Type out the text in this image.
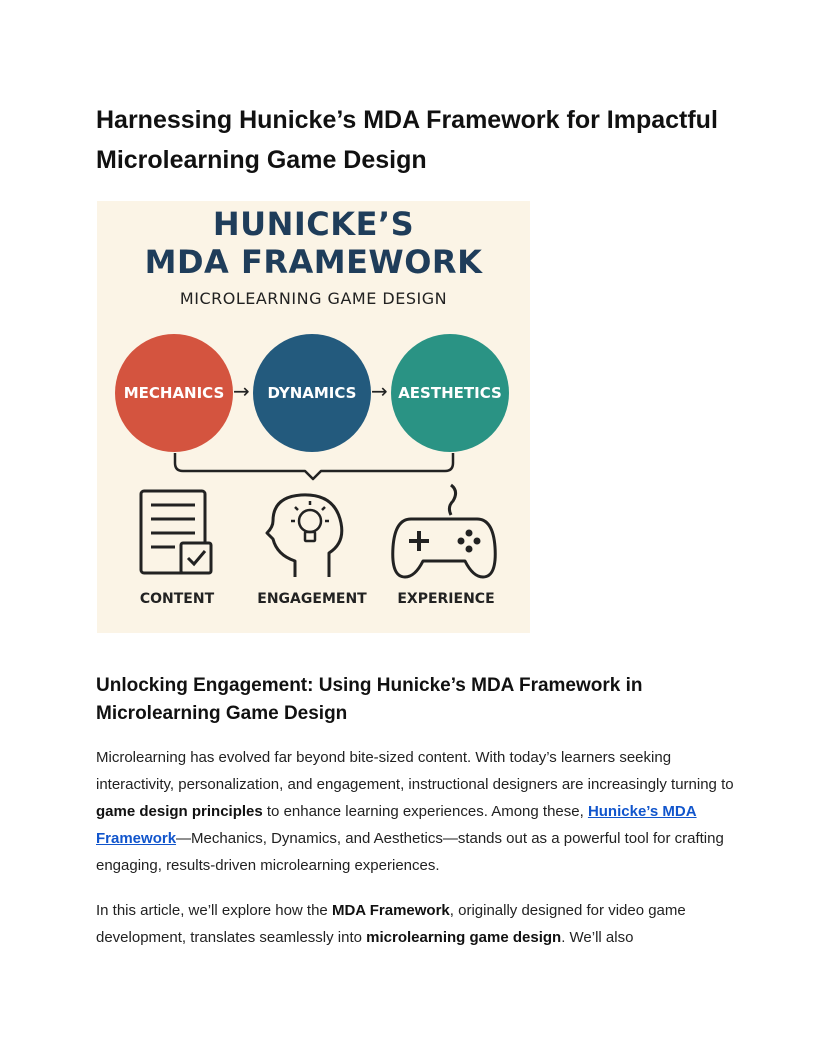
Harnessing Hunicke’s MDA Framework for Impactful Microlearning Game Design
HUNICKE’S
MDA FRAMEWORK
MICROLEARNING GAME DESIGN
MECHANICS → DYNAMICS → AESTHETICS
CONTENT	ENGAGEMENT	EXPERIENCE
Unlocking Engagement: Using Hunicke’s MDA Framework in Microlearning Game Design

Microlearning has evolved far beyond bite-sized content. With today’s learners seeking interactivity, personalization, and engagement, instructional designers are increasingly turning to game design principles to enhance learning experiences. Among these, Hunicke’s MDA Framework—Mechanics, Dynamics, and Aesthetics—stands out as a powerful tool for crafting engaging, results-driven microlearning experiences.

In this article, we’ll explore how the MDA Framework, originally designed for video game development, translates seamlessly into microlearning game design. We’ll also
